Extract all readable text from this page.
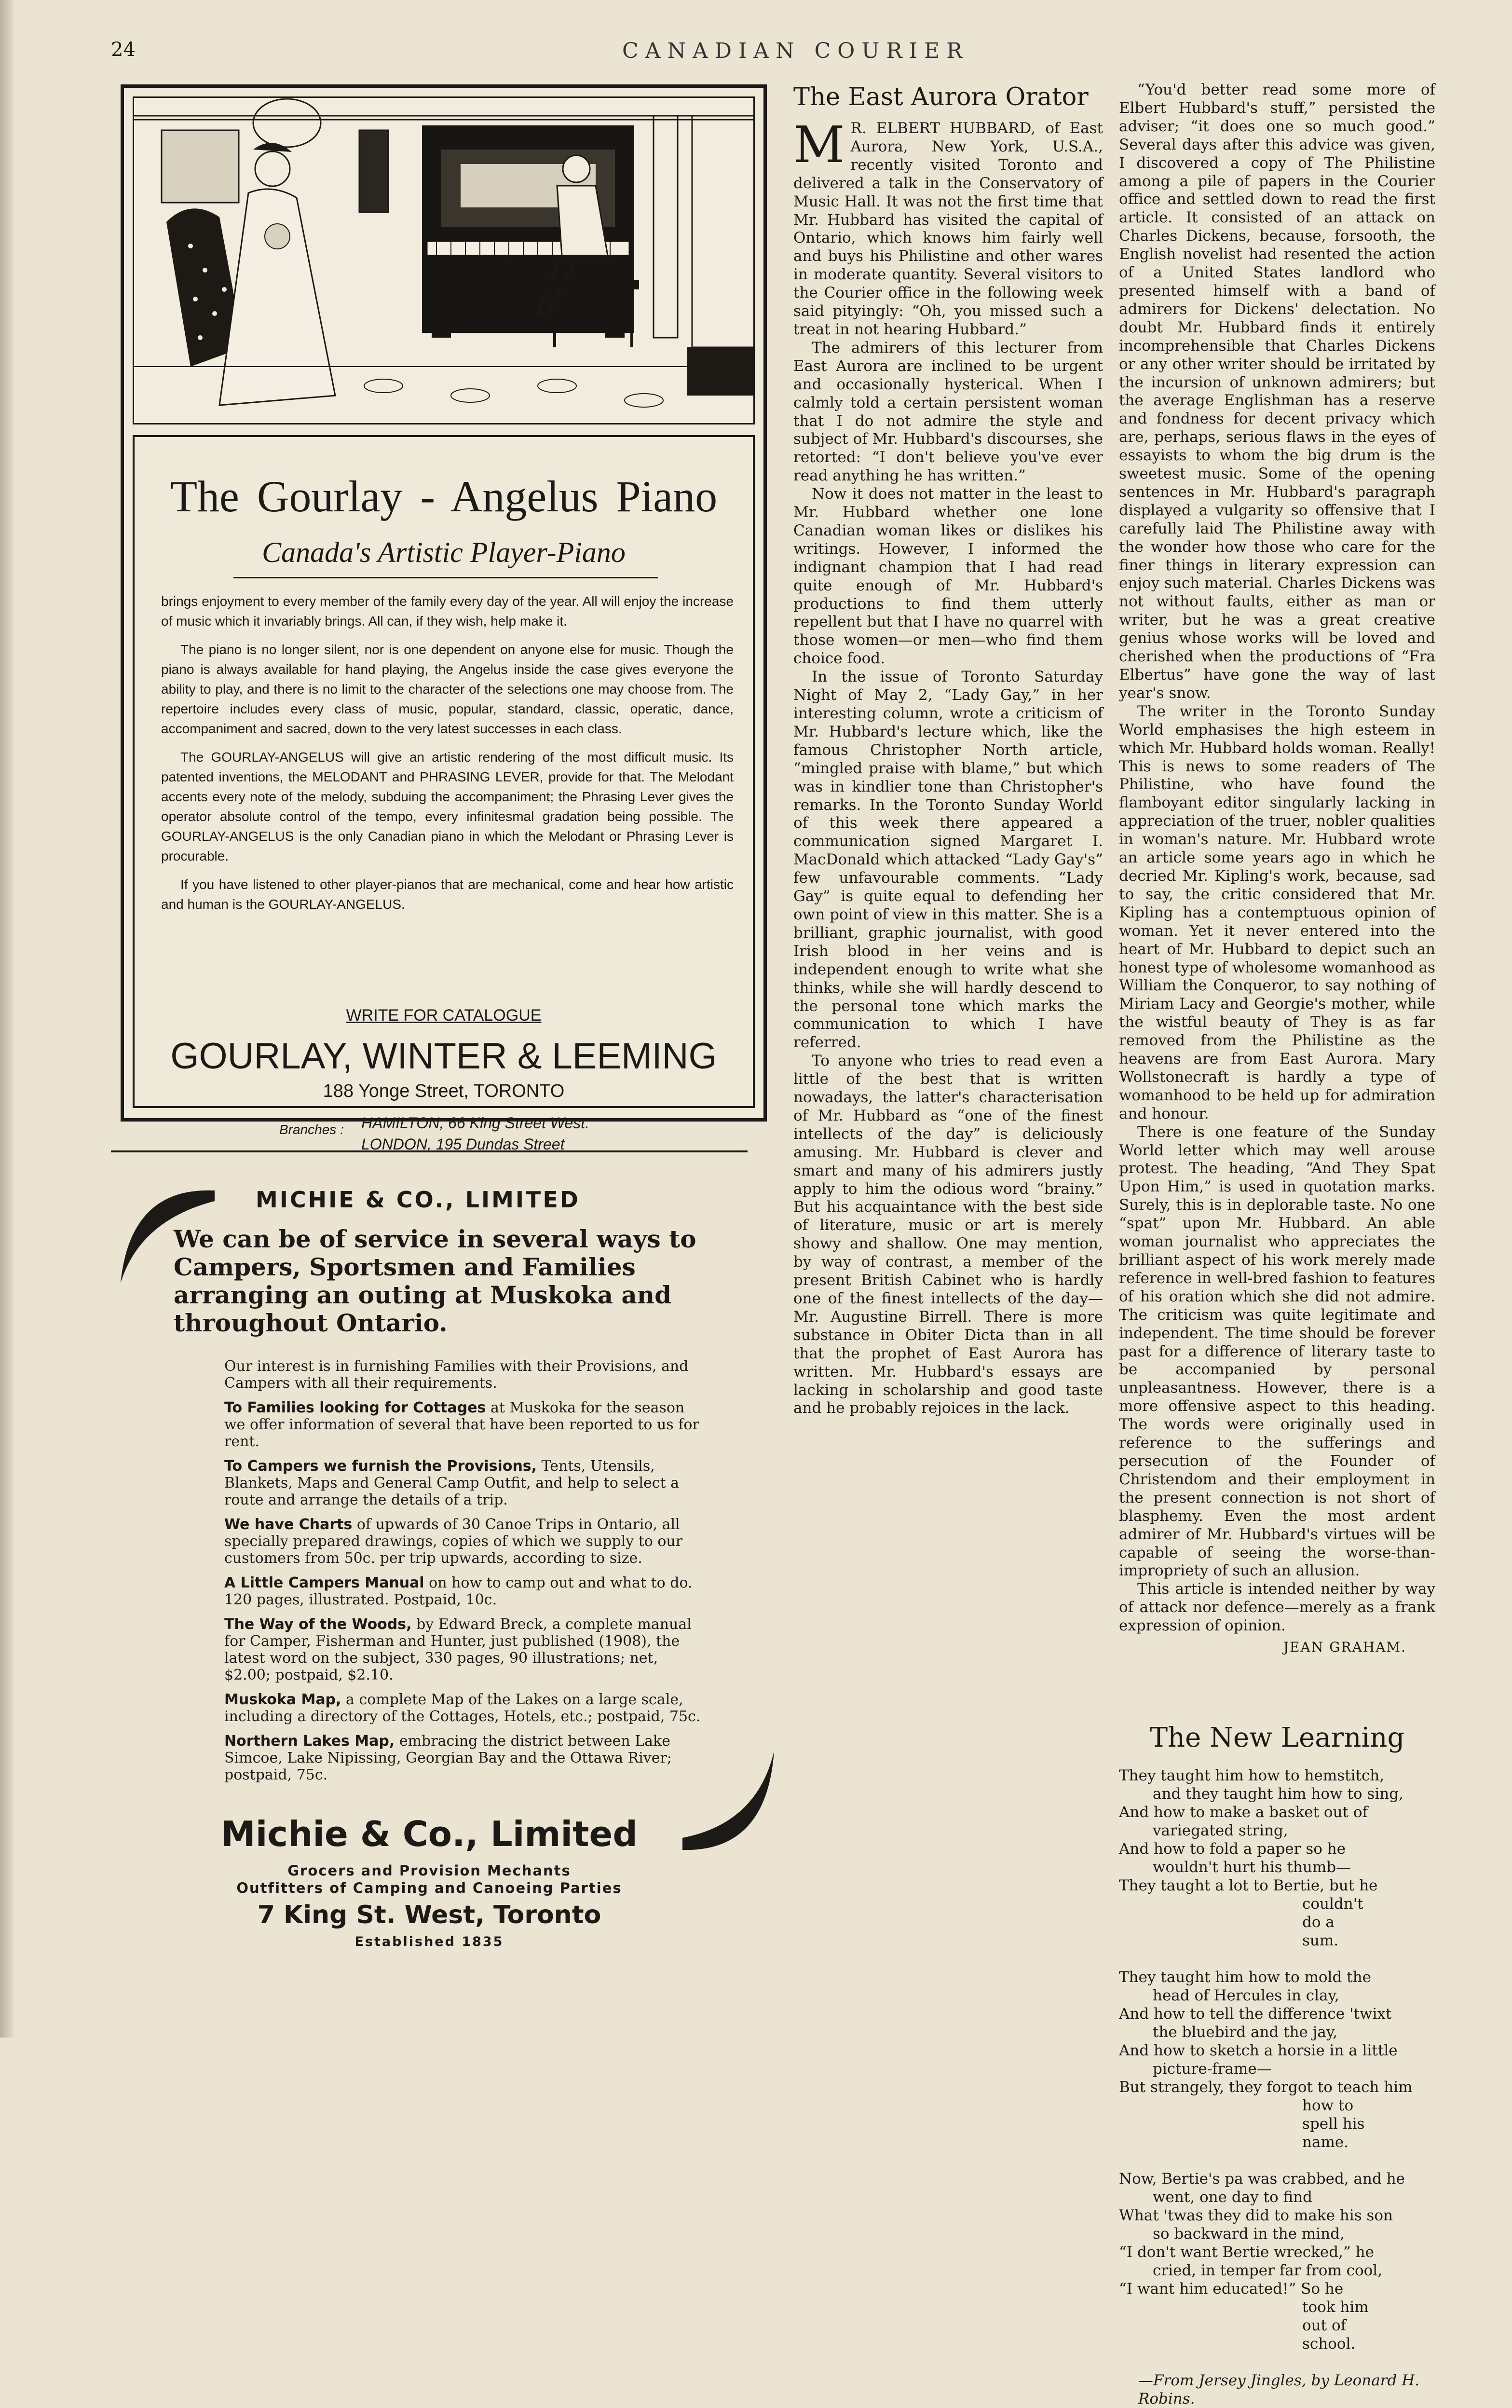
24	CANADIAN COURIER
The Gourlay - Angelus Piano
Canada's Artistic Player-Piano

brings enjoyment to every member of the family every day of the year. All will enjoy the increase of music which it invariably brings. All can, if they wish, help make it.

The piano is no longer silent, nor is one dependent on anyone else for music. Though the piano is always available for hand playing, the Angelus inside the case gives everyone the ability to play, and there is no limit to the character of the selections one may choose from. The repertoire includes every class of music, popular, standard, classic, operatic, dance, accompaniment and sacred, down to the very latest successes in each class.

The GOURLAY-ANGELUS will give an artistic rendering of the most difficult music. Its patented inventions, the MELODANT and PHRASING LEVER, provide for that. The Melodant accents every note of the melody, subduing the accompaniment; the Phrasing Lever gives the operator absolute control of the tempo, every infinitesmal gradation being possible. The GOURLAY-ANGELUS is the only Canadian piano in which the Melodant or Phrasing Lever is procurable.

If you have listened to other player-pianos that are mechanical, come and hear how artistic and human is the GOURLAY-ANGELUS.

WRITE FOR CATALOGUE
GOURLAY, WINTER & LEEMING
188 Yonge Street, TORONTO
Branches : HAMILTON, 66 King Street West.
LONDON, 195 Dundas Street
MICHIE & CO., LIMITED
We can be of service in several ways to Campers, Sportsmen and Families arranging an outing at Muskoka and throughout Ontario.

Our interest is in furnishing Families with their Provisions, and Campers with all their requirements.

To Families looking for Cottages at Muskoka for the season we offer information of several that have been reported to us for rent.

To Campers we furnish the Provisions, Tents, Utensils, Blankets, Maps and General Camp Outfit, and help to select a route and arrange the details of a trip.

We have Charts of upwards of 30 Canoe Trips in Ontario, all specially prepared drawings, copies of which we supply to our customers from 50c. per trip upwards, according to size.

A Little Campers Manual on how to camp out and what to do. 120 pages, illustrated. Postpaid, 10c.

The Way of the Woods, by Edward Breck, a complete manual for Camper, Fisherman and Hunter, just published (1908), the latest word on the subject, 330 pages, 90 illustrations; net, $2.00; postpaid, $2.10.

Muskoka Map, a complete Map of the Lakes on a large scale, including a directory of the Cottages, Hotels, etc.; postpaid, 75c.

Northern Lakes Map, embracing the district between Lake Simcoe, Lake Nipissing, Georgian Bay and the Ottawa River; postpaid, 75c.

Michie & Co., Limited
Grocers and Provision Mechants
Outfitters of Camping and Canoeing Parties
7 King St. West, Toronto
Established 1835
The East Aurora Orator

M R. ELBERT HUBBARD, of East Aurora, New York, U.S.A., recently visited Toronto and delivered a talk in the Conservatory of Music Hall. It was not the first time that Mr. Hubbard has visited the capital of Ontario, which knows him fairly well and buys his Philistine and other wares in moderate quantity. Several visitors to the Courier office in the following week said pityingly: “Oh, you missed such a treat in not hearing Hubbard.”

The admirers of this lecturer from East Aurora are inclined to be urgent and occasionally hysterical. When I calmly told a certain persistent woman that I do not admire the style and subject of Mr. Hubbard's discourses, she retorted: “I don't believe you've ever read anything he has written.”

Now it does not matter in the least to Mr. Hubbard whether one lone Canadian woman likes or dislikes his writings. However, I informed the indignant champion that I had read quite enough of Mr. Hubbard's productions to find them utterly repellent but that I have no quarrel with those women—or men—who find them choice food.

In the issue of Toronto Saturday Night of May 2, “Lady Gay,” in her interesting column, wrote a criticism of Mr. Hubbard's lecture which, like the famous Christopher North article, “mingled praise with blame,” but which was in kindlier tone than Christopher's remarks. In the Toronto Sunday World of this week there appeared a communication signed Margaret I. MacDonald which attacked “Lady Gay's” few unfavourable comments. “Lady Gay” is quite equal to defending her own point of view in this matter. She is a brilliant, graphic journalist, with good Irish blood in her veins and is independent enough to write what she thinks, while she will hardly descend to the personal tone which marks the communication to which I have referred.

To anyone who tries to read even a little of the best that is written nowadays, the latter's characterisation of Mr. Hubbard as “one of the finest intellects of the day” is deliciously amusing. Mr. Hubbard is clever and smart and many of his admirers justly apply to him the odious word “brainy.” But his acquaintance with the best side of literature, music or art is merely showy and shallow. One may mention, by way of contrast, a member of the present British Cabinet who is hardly one of the finest intellects of the day—Mr. Augustine Birrell. There is more substance in Obiter Dicta than in all that the prophet of East Aurora has written. Mr. Hubbard's essays are lacking in scholarship and good taste and he probably rejoices in the lack.

“You'd better read some more of Elbert Hubbard's stuff,” persisted the adviser; “it does one so much good.” Several days after this advice was given, I discovered a copy of The Philistine among a pile of papers in the Courier office and settled down to read the first article. It consisted of an attack on Charles Dickens, because, forsooth, the English novelist had resented the action of a United States landlord who presented himself with a band of admirers for Dickens' delectation. No doubt Mr. Hubbard finds it entirely incomprehensible that Charles Dickens or any other writer should be irritated by the incursion of unknown admirers; but the average Englishman has a reserve and fondness for decent privacy which are, perhaps, serious flaws in the eyes of essayists to whom the big drum is the sweetest music. Some of the opening sentences in Mr. Hubbard's paragraph displayed a vulgarity so offensive that I carefully laid The Philistine away with the wonder how those who care for the finer things in literary expression can enjoy such material. Charles Dickens was not without faults, either as man or writer, but he was a great creative genius whose works will be loved and cherished when the productions of “Fra Elbertus” have gone the way of last year's snow.

The writer in the Toronto Sunday World emphasises the high esteem in which Mr. Hubbard holds woman. Really! This is news to some readers of The Philistine, who have found the flamboyant editor singularly lacking in appreciation of the truer, nobler qualities in woman's nature. Mr. Hubbard wrote an article some years ago in which he decried Mr. Kipling's work, because, sad to say, the critic considered that Mr. Kipling has a contemptuous opinion of woman. Yet it never entered into the heart of Mr. Hubbard to depict such an honest type of wholesome womanhood as William the Conqueror, to say nothing of Miriam Lacy and Georgie's mother, while the wistful beauty of They is as far removed from the Philistine as the heavens are from East Aurora. Mary Wollstonecraft is hardly a type of womanhood to be held up for admiration and honour.

There is one feature of the Sunday World letter which may well arouse protest. The heading, “And They Spat Upon Him,” is used in quotation marks. Surely, this is in deplorable taste. No one “spat” upon Mr. Hubbard. An able woman journalist who appreciates the brilliant aspect of his work merely made reference in well-bred fashion to features of his oration which she did not admire. The criticism was quite legitimate and independent. The time should be forever past for a difference of literary taste to be accompanied by personal unpleasantness. However, there is a more offensive aspect to this heading. The words were originally used in reference to the sufferings and persecution of the Founder of Christendom and their employment in the present connection is not short of blasphemy. Even the most ardent admirer of Mr. Hubbard's virtues will be capable of seeing the worse-than-impropriety of such an allusion.

This article is intended neither by way of attack nor defence—merely as a frank expression of opinion.

JEAN GRAHAM.

The New Learning
They taught him how to hemstitch,
and they taught him how to sing,
And how to make a basket out of
variegated string,
And how to fold a paper so he
wouldn't hurt his thumb—
They taught a lot to Bertie, but he
couldn't
do a
sum.
They taught him how to mold the
head of Hercules in clay,
And how to tell the difference 'twixt
the bluebird and the jay,
And how to sketch a horsie in a little
picture-frame—
But strangely, they forgot to teach him
how to
spell his
name.
Now, Bertie's pa was crabbed, and he
went, one day to find
What 'twas they did to make his son
so backward in the mind,
“I don't want Bertie wrecked,” he
cried, in temper far from cool,
“I want him educated!” So he
took him
out of
school.
—From Jersey Jingles, by Leonard H. Robins.
